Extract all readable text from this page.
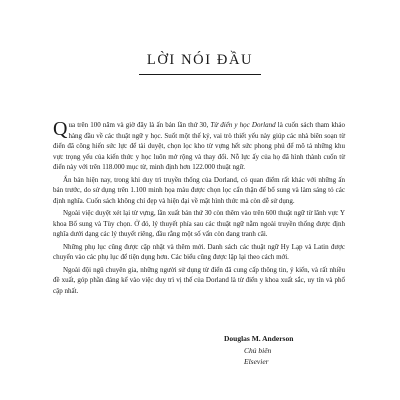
LỜI NÓI ĐẦU

Qua trên 100 năm và giờ đây là ấn bản lần thứ 30, Từ điển y học Dorland là cuốn sách tham khảo hàng đầu về các thuật ngữ y học. Suốt một thế kỷ, vai trò thiết yếu này giúp các nhà biên soạn từ điển đã công hiến sức lực để tài duyệt, chọn lọc kho từ vựng hết sức phong phú để mô tả những khu vực trọng yếu của kiến thức y học luôn mở rộng và thay đổi. Nỗ lực ấy của họ đã hình thành cuốn từ điển này với trên 118.000 mục từ, minh định hơn 122.000 thuật ngữ.

Ấn bản hiện nay, trong khi duy trì truyền thống của Dorland, có quan điểm rất khác với những ấn bản trước, do sử dụng trên 1.100 minh họa màu được chọn lọc cẩn thận để bổ sung và làm sáng tỏ các định nghĩa. Cuốn sách không chỉ đẹp và hiện đại về mặt hình thức mà còn dễ sử dụng.

Ngoài việc duyệt xét lại từ vựng, lần xuất bản thứ 30 còn thêm vào trên 600 thuật ngữ từ lãnh vực Y khoa Bổ sung và Tùy chọn. Ở đó, lý thuyết phía sau các thuật ngữ nằm ngoài truyền thống được định nghĩa dưới dạng các lý thuyết riêng, đầu rằng một số vấn còn đang tranh cãi.

Những phụ lục cũng được cập nhật và thêm mới. Danh sách các thuật ngữ Hy Lạp và Latin được chuyển vào các phụ lục để tiện dụng hơn. Các biểu cũng được lập lại theo cách mới.

Ngoài đội ngũ chuyên gia, những người sử dụng từ điển đã cung cấp thông tin, ý kiến, và rất nhiều đề xuất, góp phần đáng kể vào việc duy trì vị thế của Dorland là từ điển y khoa xuất sắc, uy tín và phổ cập nhất.

Douglas M. Anderson
Chủ biên
Elsevier
